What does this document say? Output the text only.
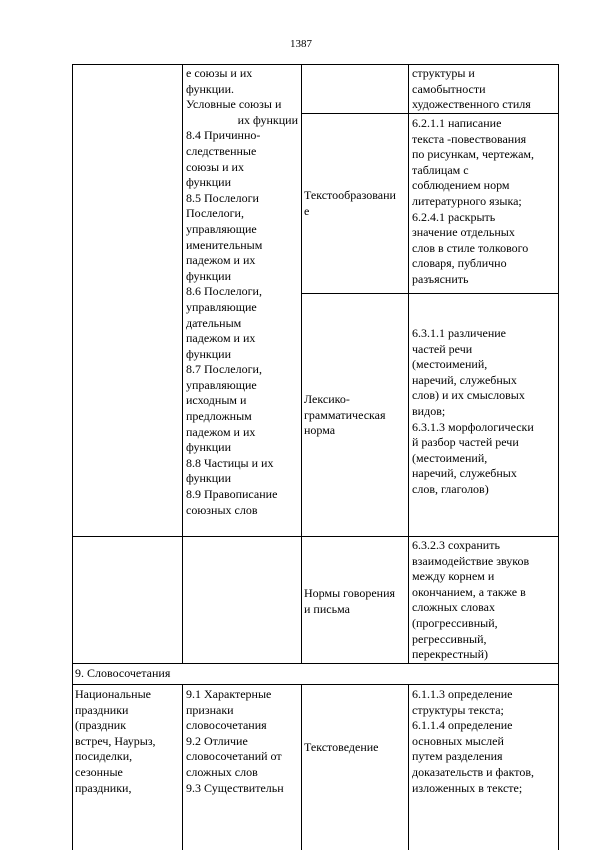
1387
е союзы и их
функции.
Условные союзы и
их функции
8.4 Причинно-
следственные
союзы и их
функции
8.5 Послелоги
Послелоги,
управляющие
именительным
падежом и их
функции
8.6 Послелоги,
управляющие
дательным
падежом и их
функции
8.7 Послелоги,
управляющие
исходным и
предложным
падежом и их
функции
8.8 Частицы и их
функции
8.9 Правописание
союзных слов
структуры и
самобытности
художественного стиля
Текстообразовани
е
6.2.1.1 написание
текста -повествования
по рисункам, чертежам,
таблицам с
соблюдением норм
литературного языка;
6.2.4.1 раскрыть
значение отдельных
слов в стиле толкового
словаря, публично
разъяснить
Лексико-
грамматическая
норма
6.3.1.1 различение
частей речи
(местоимений,
наречий, служебных
слов) и их смысловых
видов;
6.3.1.3 морфологически
й разбор частей речи
(местоимений,
наречий, служебных
слов, глаголов)
Нормы говорения
и письма
6.3.2.3 сохранить
взаимодействие звуков
между корнем и
окончанием, а также в
сложных словах
(прогрессивный,
регрессивный,
перекрестный)
9. Словосочетания
Национальные
праздники
(праздник
встреч, Наурыз,
посиделки,
сезонные
праздники,
9.1 Характерные
признаки
словосочетания
9.2 Отличие
словосочетаний от
сложных слов
9.3 Существительн
Текстоведение
6.1.1.3 определение
структуры текста;
6.1.1.4 определение
основных мыслей
путем разделения
доказательств и фактов,
изложенных в тексте;
